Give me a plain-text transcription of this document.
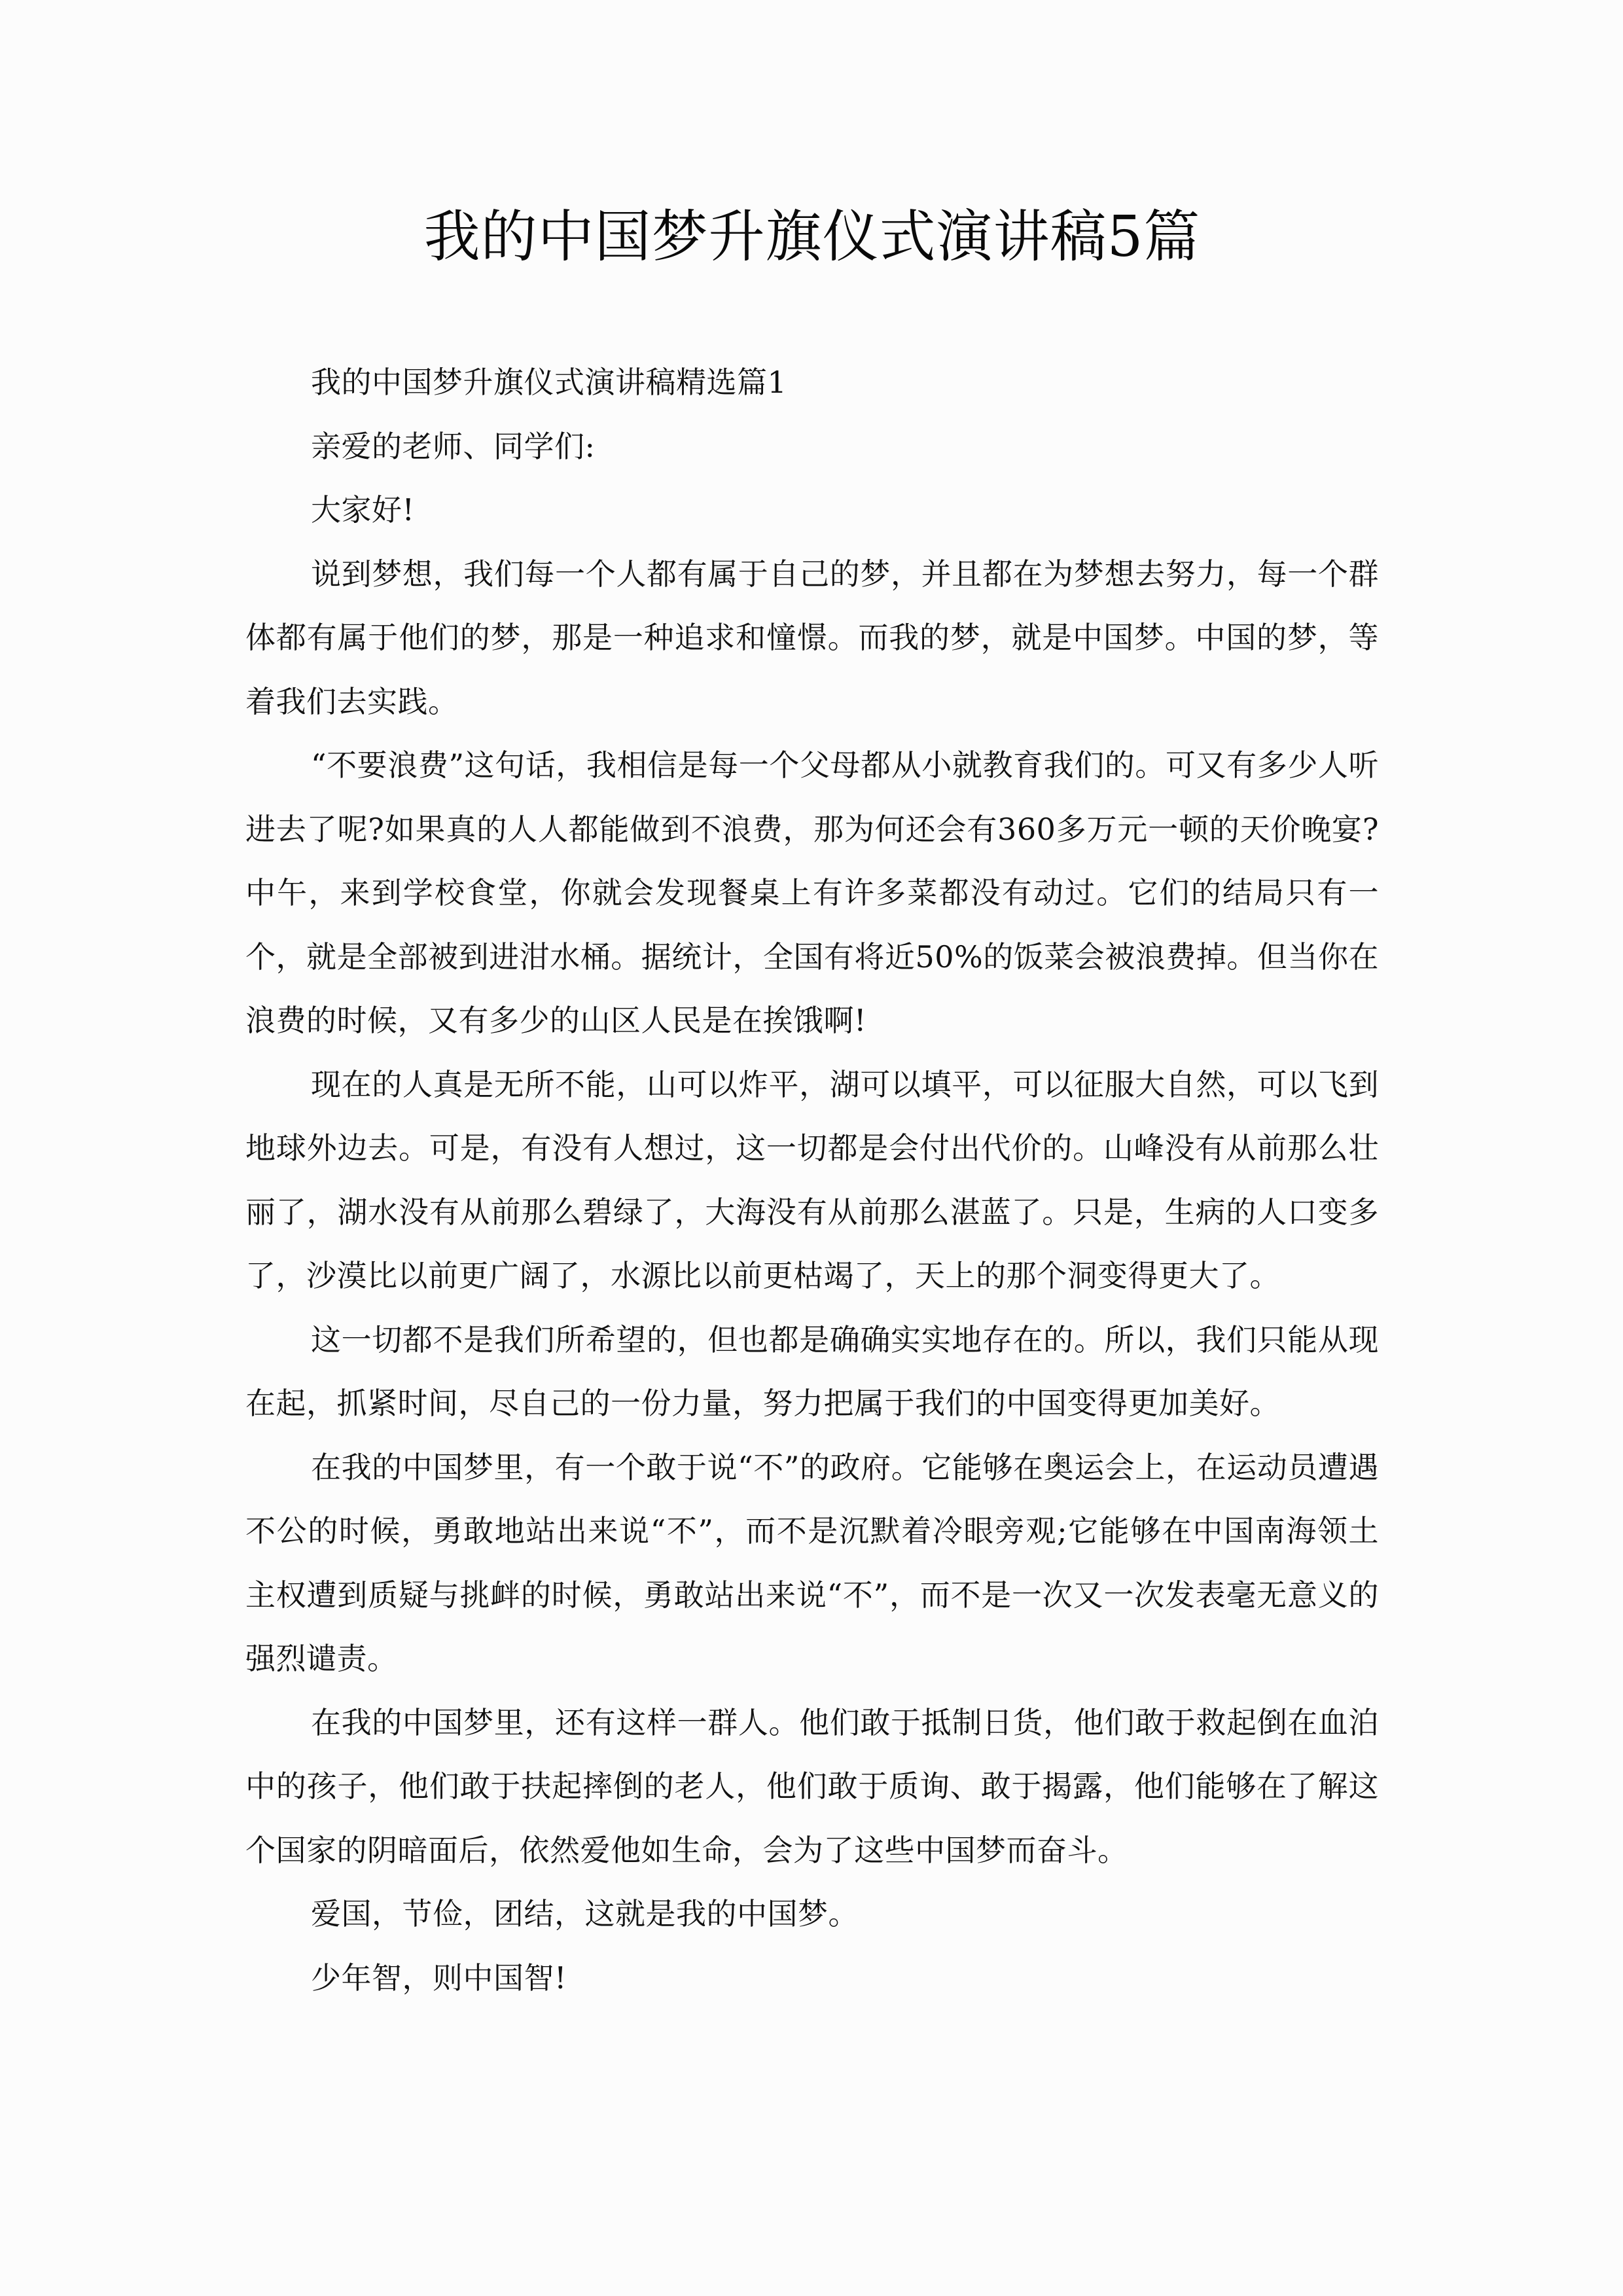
我的中国梦升旗仪式演讲稿5篇

我的中国梦升旗仪式演讲稿精选篇1

亲爱的老师、同学们:

大家好!

说到梦想，我们每一个人都有属于自己的梦，并且都在为梦想去努力，每一个群体都有属于他们的梦，那是一种追求和憧憬。而我的梦，就是中国梦。中国的梦，等着我们去实践。

“不要浪费”这句话，我相信是每一个父母都从小就教育我们的。可又有多少人听进去了呢?如果真的人人都能做到不浪费，那为何还会有360多万元一顿的天价晚宴?中午，来到学校食堂，你就会发现餐桌上有许多菜都没有动过。它们的结局只有一个，就是全部被到进泔水桶。据统计，全国有将近50%的饭菜会被浪费掉。但当你在浪费的时候，又有多少的山区人民是在挨饿啊!

现在的人真是无所不能，山可以炸平，湖可以填平，可以征服大自然，可以飞到地球外边去。可是，有没有人想过，这一切都是会付出代价的。山峰没有从前那么壮丽了，湖水没有从前那么碧绿了，大海没有从前那么湛蓝了。只是，生病的人口变多了，沙漠比以前更广阔了，水源比以前更枯竭了，天上的那个洞变得更大了。

这一切都不是我们所希望的，但也都是确确实实地存在的。所以，我们只能从现在起，抓紧时间，尽自己的一份力量，努力把属于我们的中国变得更加美好。

在我的中国梦里，有一个敢于说“不”的政府。它能够在奥运会上，在运动员遭遇不公的时候，勇敢地站出来说“不”，而不是沉默着冷眼旁观;它能够在中国南海领土主权遭到质疑与挑衅的时候，勇敢站出来说“不”，而不是一次又一次发表毫无意义的强烈谴责。

在我的中国梦里，还有这样一群人。他们敢于抵制日货，他们敢于救起倒在血泊中的孩子，他们敢于扶起摔倒的老人，他们敢于质询、敢于揭露，他们能够在了解这个国家的阴暗面后，依然爱他如生命，会为了这些中国梦而奋斗。

爱国，节俭，团结，这就是我的中国梦。

少年智，则中国智!
